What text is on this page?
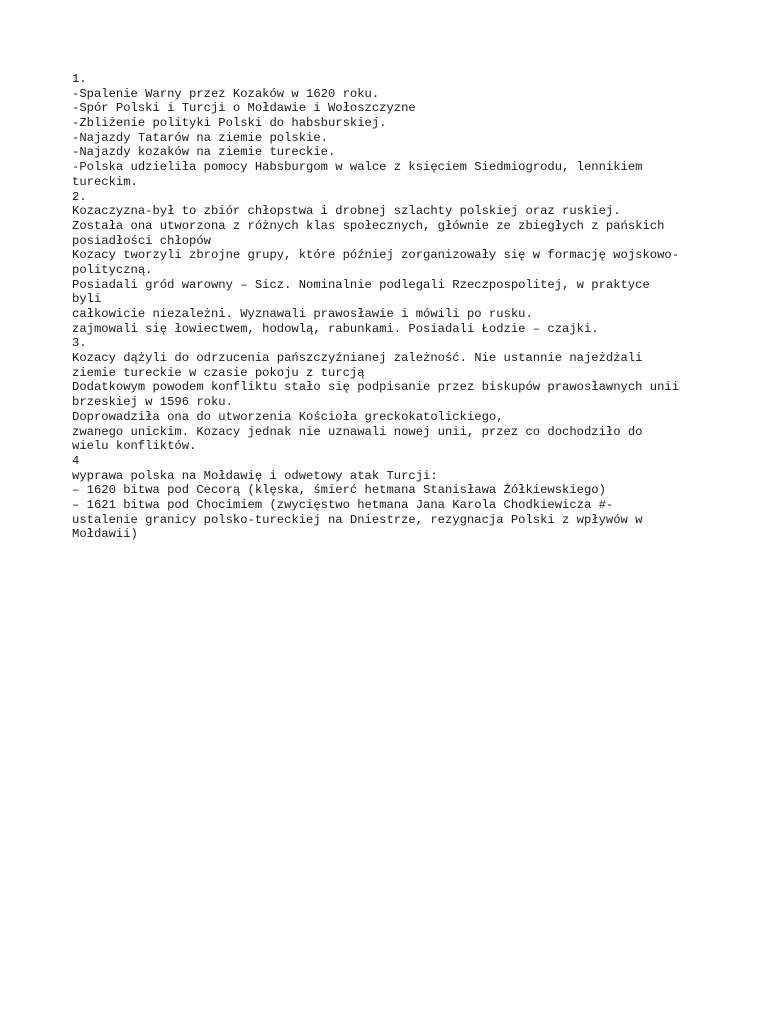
1.
-Spalenie Warny przez Kozaków w 1620 roku.
-Spór Polski i Turcji o Mołdawie i Wołoszczyzne
-Zbliżenie polityki Polski do habsburskiej.
-Najazdy Tatarów na ziemie polskie.
-Najazdy kozaków na ziemie tureckie.
-Polska udzieliła pomocy Habsburgom w walce z księciem Siedmiogrodu, lennikiem
tureckim.
2.
Kozaczyzna-był to zbiór chłopstwa i drobnej szlachty polskiej oraz ruskiej.
Została ona utworzona z różnych klas społecznych, głównie ze zbiegłych z pańskich
posiadłości chłopów
Kozacy tworzyli zbrojne grupy, które później zorganizowały się w formację wojskowo-
polityczną.
Posiadali gród warowny – Sicz. Nominalnie podlegali Rzeczpospolitej, w praktyce
byli
całkowicie niezależni. Wyznawali prawosławie i mówili po rusku.
zajmowali się łowiectwem, hodowlą, rabunkami. Posiadali Łodzie – czajki.
3.
Kozacy dążyli do odrzucenia pańszczyźnianej zależność. Nie ustannie najeżdżali
ziemie tureckie w czasie pokoju z turcją
Dodatkowym powodem konfliktu stało się podpisanie przez biskupów prawosławnych unii
brzeskiej w 1596 roku.
Doprowadziła ona do utworzenia Kościoła greckokatolickiego,
zwanego unickim. Kozacy jednak nie uznawali nowej unii, przez co dochodziło do
wielu konfliktów.
4
wyprawa polska na Mołdawię i odwetowy atak Turcji:
– 1620 bitwa pod Cecorą (klęska, śmierć hetmana Stanisława Żółkiewskiego)
– 1621 bitwa pod Chocimiem (zwycięstwo hetmana Jana Karola Chodkiewicza #-
ustalenie granicy polsko-tureckiej na Dniestrze, rezygnacja Polski z wpływów w
Mołdawii)
